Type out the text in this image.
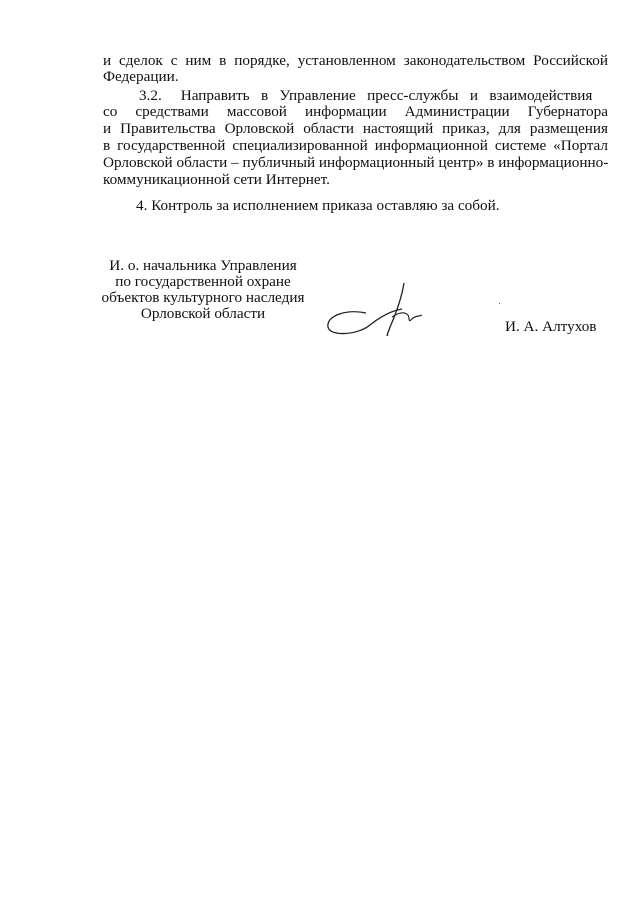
и сделок с ним в порядке, установленном законодательством Российской
Федерации.
3.2.     Направить   в   Управление   пресс-службы   и   взаимодействия
со средствами массовой информации Администрации Губернатора
и Правительства Орловской области настоящий приказ, для размещения
в государственной специализированной информационной системе «Портал
Орловской области – публичный информационный центр» в информационно-
коммуникационной сети Интернет.
4. Контроль за исполнением приказа оставляю за собой.
И. о. начальника Управления
по государственной охране
объектов культурного наследия
Орловской области
И. А. Алтухов
